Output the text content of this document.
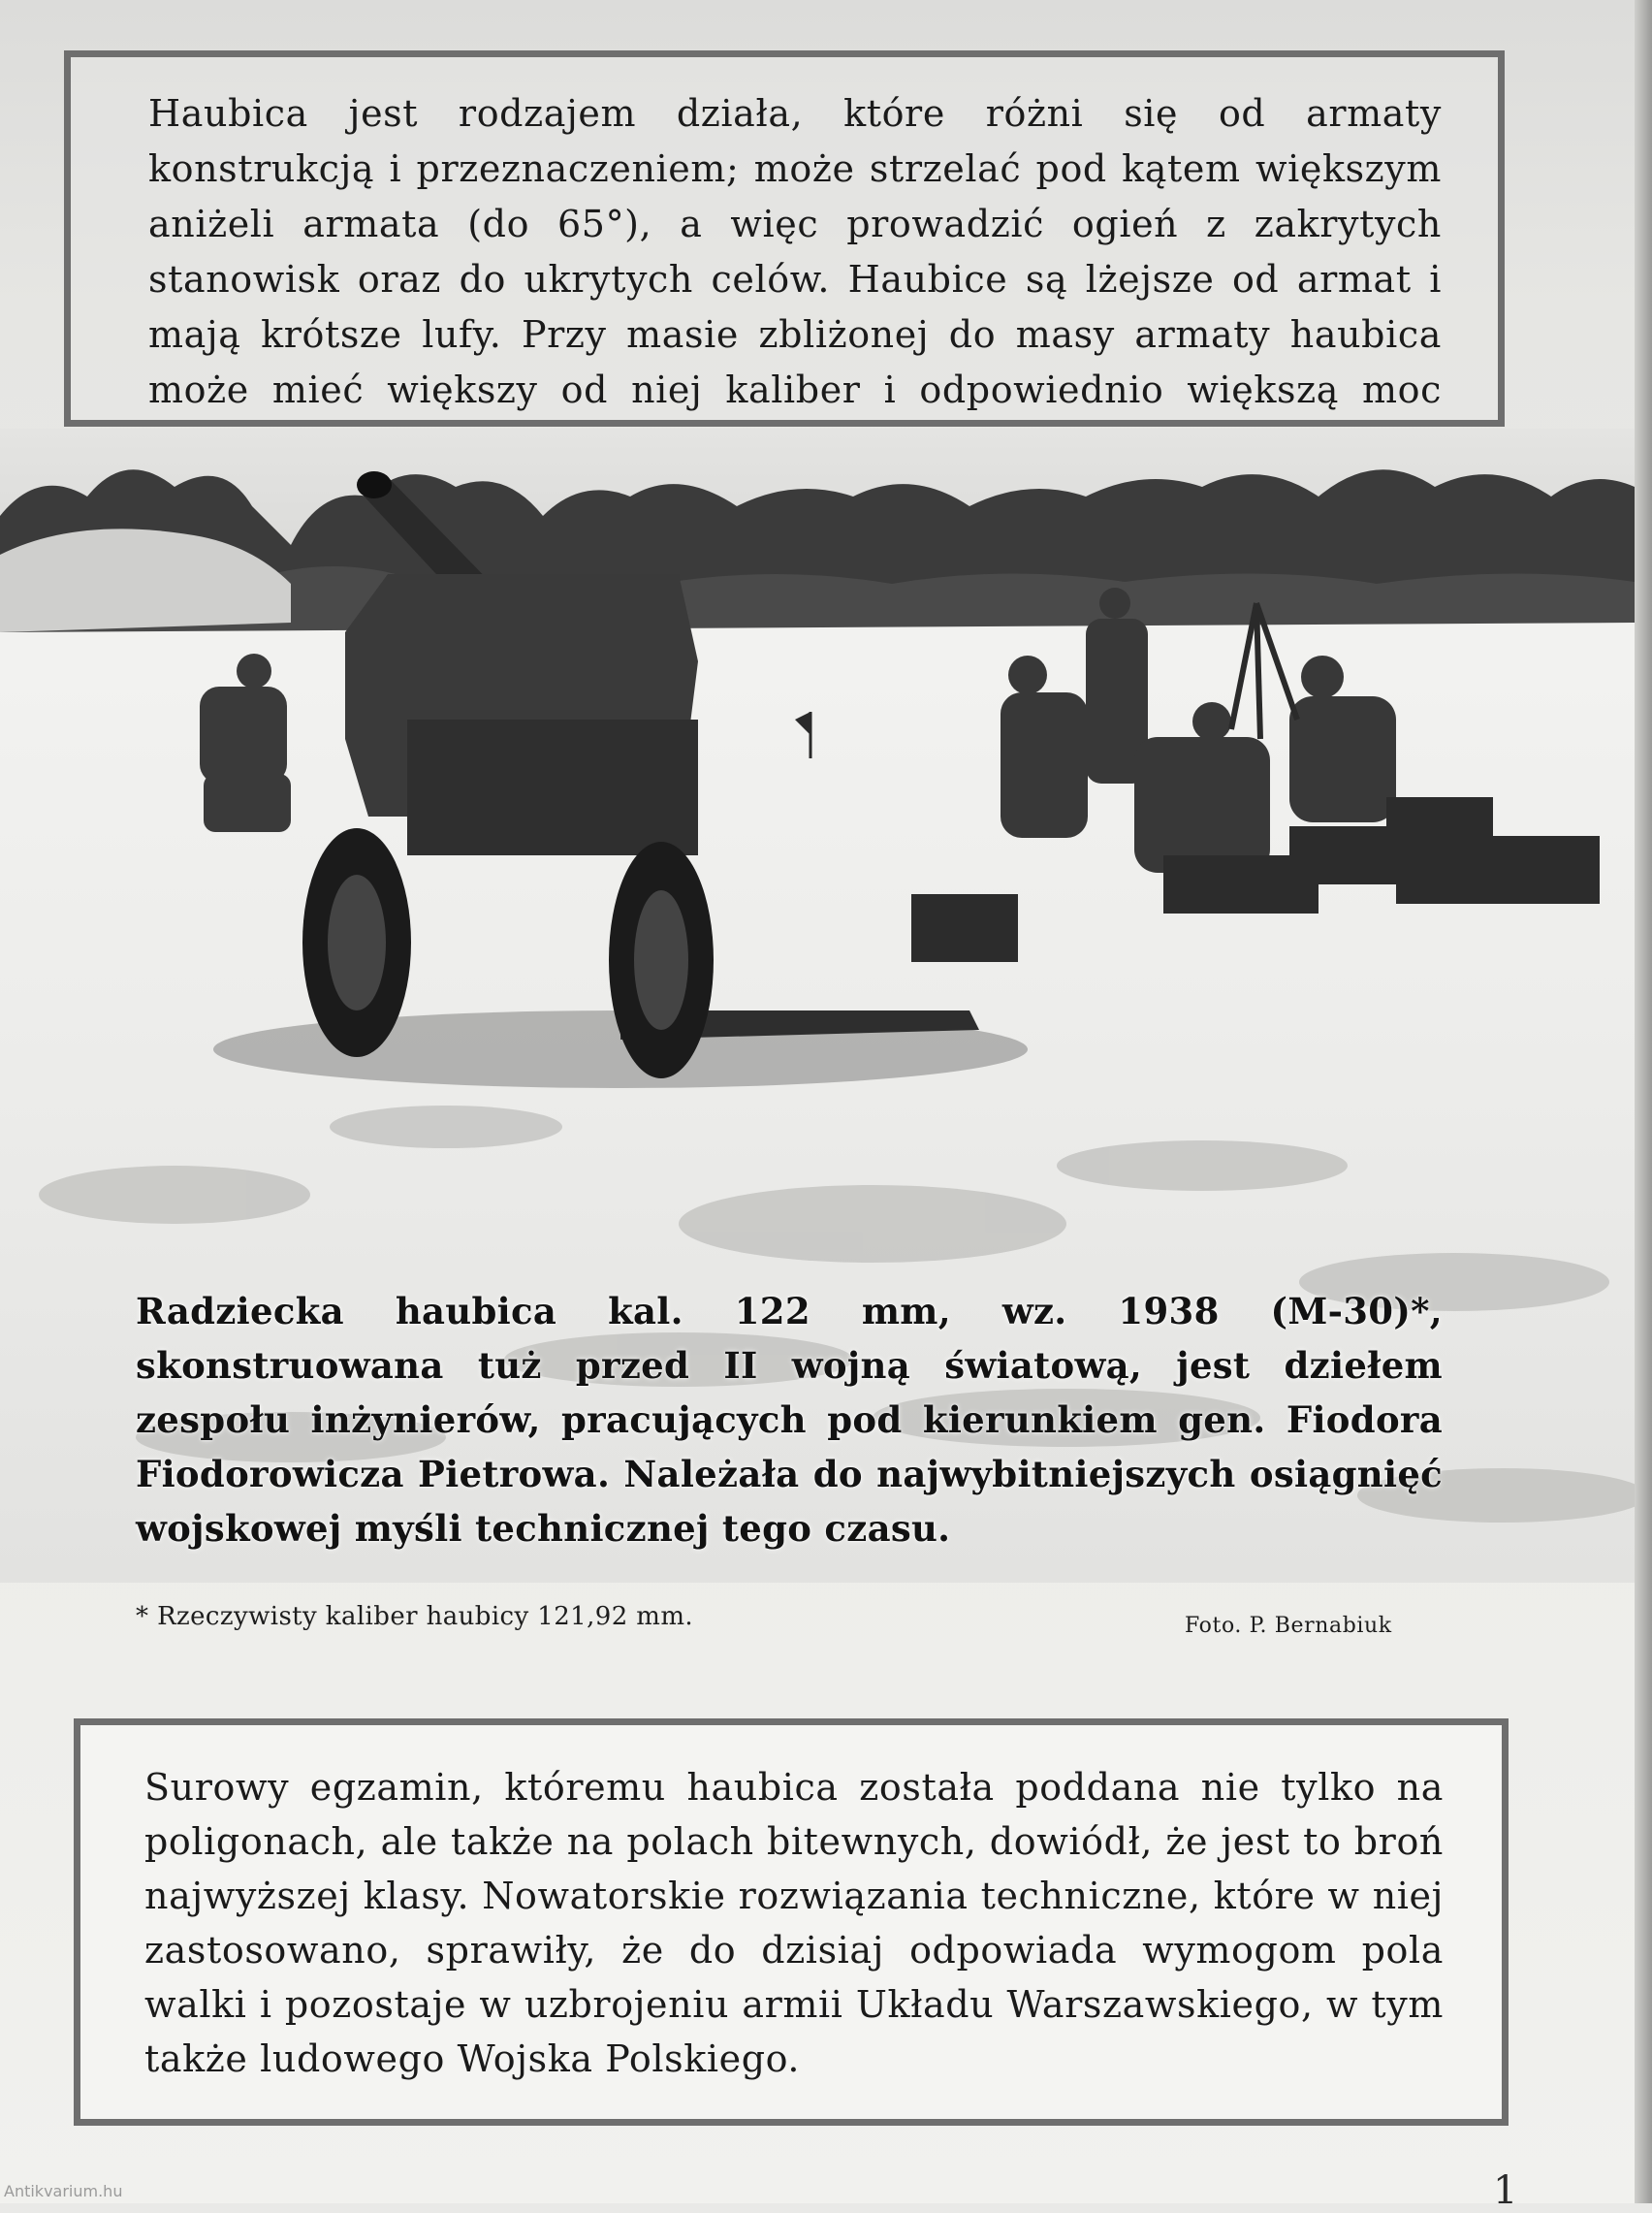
Haubica jest rodzajem działa, które różni się od armaty konstrukcją i przeznaczeniem; może strzelać pod kątem większym aniżeli armata (do 65°), a więc prowadzić ogień z zakrytych stanowisk oraz do ukrytych celów. Haubice są lżejsze od armat i mają krótsze lufy. Przy masie zbliżonej do masy armaty haubica może mieć większy od niej kaliber i odpowiednio większą moc

Radziecka haubica kal. 122 mm, wz. 1938 (M-30)*, skonstruowana tuż przed II wojną światową, jest dziełem zespołu inżynierów, pracujących pod kierunkiem gen. Fiodora Fiodorowicza Pietrowa. Należała do najwybitniejszych osiągnięć wojskowej myśli technicznej tego czasu.

* Rzeczywisty kaliber haubicy 121,92 mm.	Foto. P. Bernabiuk

Surowy egzamin, któremu haubica została poddana nie tylko na poligonach, ale także na polach bitewnych, dowiódł, że jest to broń najwyższej klasy. Nowatorskie rozwiązania techniczne, które w niej zastosowano, sprawiły, że do dzisiaj odpowiada wymogom pola walki i pozostaje w uzbrojeniu armii Układu Warszawskiego, w tym także ludowego Wojska Polskiego.

1
Antikvarium.hu
